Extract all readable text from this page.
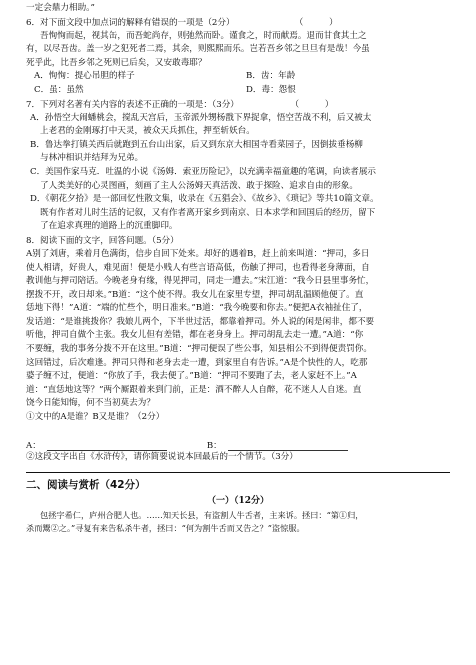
一定会鼎力相助。”
6．对下面文段中加点词的解释有错误的一项是（2分）　　　　　　　　（　　　）
吾恂恂而起，视其缶，而吾蛇尚存，则弛然而卧。谨食之，时而献焉。退而甘食其土之
有，以尽吾齿。盖一岁之犯死者二焉，其余，则熙熙而乐。岂若吾乡邻之旦旦有是哉！今虽
死乎此，比吾乡邻之死则已后矣，又安敢毒耶？
A．恂恂：提心吊胆的样子	B．齿：年龄
C．虽：虽然	D．毒：怨恨
7．下列对名著有关内容的表述不正确的一项是：（3分）　　　　　　　（　　　）
A．孙悟空大闹蟠桃会，搅乱天宫后，玉帝派外甥杨戬下界捉拿，悟空苦战不利，后又被太
上老君的金刚琢打中天灵，被众天兵抓住，押至斩妖台。
B．鲁达拳打镇关西后就跑到五台山出家，后又到东京大相国寺看菜园子，因倒拔垂杨柳
与林冲相识并结拜为兄弟。
C．美国作家马克．吐温的小说《汤姆．索亚历险记》，以充满幸福童趣的笔调，向读者展示
了人类美好的心灵图画，刻画了主人公汤姆天真活泼、敢于探险、追求自由的形象。
D．《朝花夕拾》是一部回忆性散文集，收录在《五猖会》、《故乡》、《琐记》等共10篇文章。
既有作者对儿时生活的记叙，又有作者离开家乡到南京、日本求学和回国后的经历，留下
了在追求真理的道路上的沉重脚印。
8．阅读下面的文字，回答问题。（5分）
A别了刘唐，乘着月色满街，信步自回下处来。却好的遇着B，赶上前来叫道：“押司，多日
使人相请，好贵人，难见面！便是小贱人有些言语高低，伤触了押司，也看得老身薄面，自
教训他与押司陪话。今晚老身有缘，得见押司，同走一遭去。”宋江道：“我今日县里事务忙，
摆拨不开，改日却来。”B道：“这个使不得。我女儿在家里专望，押司胡乱温顾他便了。直
恁地下得！”A道：“端的忙些个，明日准来。”B道：“我今晚要和你去。”便把A衣袖扯住了，
发话道：“是谁挑拨你？我娘儿两个，下半世过活，都靠着押司。外人说的闲是闲非，都不要
听他，押司自做个主张。我女儿但有差错，都在老身身上。押司胡乱去走一遭。”A道：“你
不要缠，我的事务分拨不开在这里。”B道：“押司便误了些公事，知县相公不到得便责罚你。
这回错过，后次难逢。押司只得和老身去走一遭，到家里自有告诉。”A是个快性的人，吃那
婆子缠不过，便道：“你放了手，我去便了。”B道：“押司不要跑了去，老人家赶不上。”A
道：“直恁地这等？”两个厮跟着来到门前，正是：酒不醉人人自醉，花不迷人人自迷。直
饶今日能知悔，何不当初莫去为？
①文中的A是谁？B又是谁？（2分）
A：	B：
②这段文字出自《水浒传》，请你简要说说本回最后的一个情节。（3分）
二、阅读与赏析（42分）
（一）（12分）
包拯字希仁，庐州合肥人也。……知天长县，有盗割人牛舌者，主来诉。拯曰：“第①归，
杀而鬻②之。”寻复有来告私杀牛者，拯曰：“何为割牛舌而又告之？”盗惊服。
